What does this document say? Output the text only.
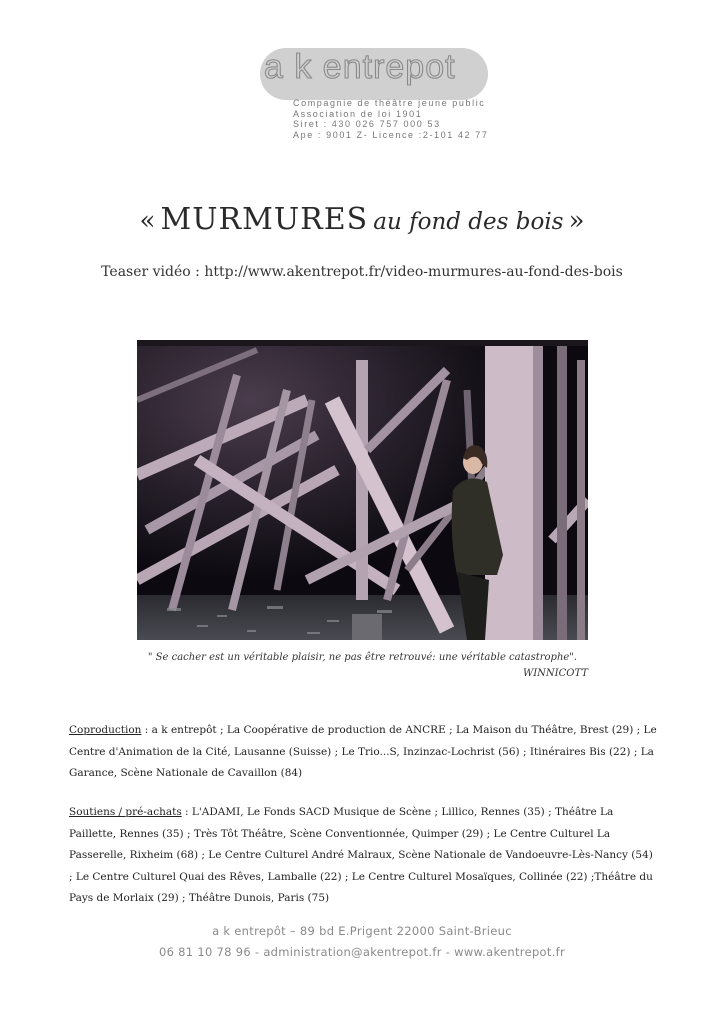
a k entrepot
Compagnie de théâtre jeune public
Association de loi 1901
Siret : 430 026 757 000 53
Ape : 9001 Z- Licence :2-101 42 77
« MURMURES au fond des bois »
Teaser vidéo : http://www.akentrepot.fr/video-murmures-au-fond-des-bois
" Se cacher est un véritable plaisir, ne pas être retrouvé: une véritable catastrophe".
WINNICOTT
Coproduction : a k entrepôt ; La Coopérative de production de ANCRE ; La Maison du Théâtre, Brest (29) ; Le Centre d'Animation de la Cité, Lausanne (Suisse) ; Le Trio...S, Inzinzac-Lochrist (56) ; Itinéraires Bis (22) ; La Garance, Scène Nationale de Cavaillon (84)
Soutiens / pré-achats : L'ADAMI, Le Fonds SACD Musique de Scène ; Lillico, Rennes (35) ; Théâtre La Paillette, Rennes (35) ; Très Tôt Théâtre, Scène Conventionnée, Quimper (29) ; Le Centre Culturel La Passerelle, Rixheim (68) ; Le Centre Culturel André Malraux, Scène Nationale de Vandoeuvre-Lès-Nancy (54) ; Le Centre Culturel Quai des Rêves, Lamballe (22) ; Le Centre Culturel Mosaïques, Collinée (22) ;Théâtre du Pays de Morlaix (29) ; Théâtre Dunois, Paris (75)
a k entrepôt – 89 bd E.Prigent 22000 Saint-Brieuc
06 81 10 78 96 - administration@akentrepot.fr - www.akentrepot.fr
